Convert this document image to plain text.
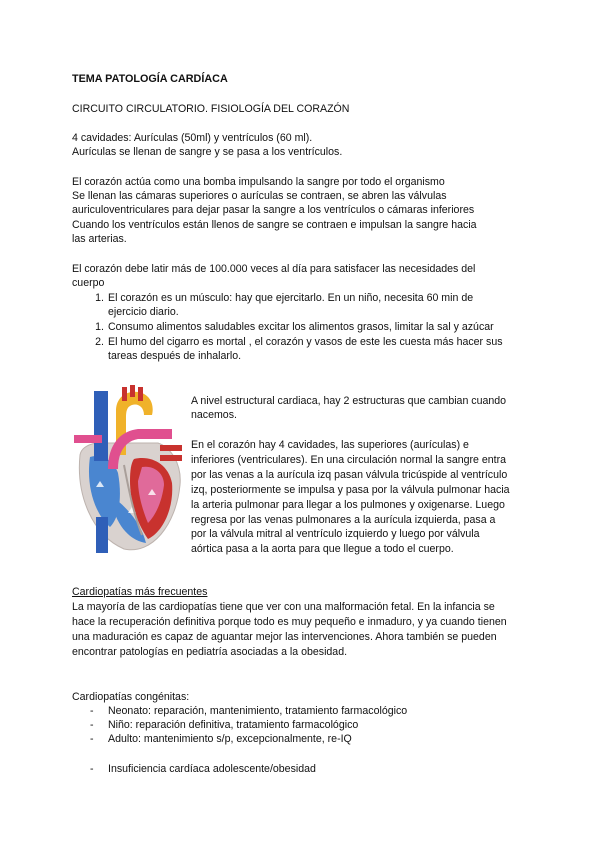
TEMA PATOLOGÍA CARDÍACA
CIRCUITO CIRCULATORIO. FISIOLOGÍA DEL CORAZÓN
4 cavidades: Aurículas (50ml) y ventrículos (60 ml).
Aurículas se llenan de sangre y se pasa a los ventrículos.
El corazón actúa como una bomba impulsando la sangre por todo el organismo
Se llenan las cámaras superiores o aurículas se contraen, se abren las válvulas
auriculoventriculares para dejar pasar la sangre a los ventrículos o cámaras inferiores
Cuando los ventrículos están llenos de sangre se contraen e impulsan la sangre hacia
las arterias.
El corazón debe latir más de 100.000 veces al día para satisfacer las necesidades del
cuerpo
1. El corazón es un músculo: hay que ejercitarlo. En un niño, necesita 60 min de
ejercicio diario.
1. Consumo alimentos saludables excitar los alimentos grasos, limitar la sal y azúcar
2. El humo del cigarro es mortal , el corazón y vasos de este les cuesta más hacer sus
tareas después de inhalarlo.
A nivel estructural cardiaca, hay 2 estructuras que cambian cuando
nacemos.
En el corazón hay 4 cavidades, las superiores (aurículas) e
inferiores (ventriculares). En una circulación normal la sangre entra
por las venas a la aurícula izq pasan válvula tricúspide al ventrículo
izq, posteriormente se impulsa y pasa por la válvula pulmonar hacia
la arteria pulmonar para llegar a los pulmones y oxigenarse. Luego
regresa por las venas pulmonares a la aurícula izquierda, pasa a
por la válvula mitral al ventrículo izquierdo y luego por válvula
aórtica pasa a la aorta para que llegue a todo el cuerpo.
Cardiopatías más frecuentes
La mayoría de las cardiopatías tiene que ver con una malformación fetal. En la infancia se
hace la recuperación definitiva porque todo es muy pequeño e inmaduro, y ya cuando tienen
una maduración es capaz de aguantar mejor las intervenciones. Ahora también se pueden
encontrar patologías en pediatría asociadas a la obesidad.
Cardiopatías congénitas:
- Neonato: reparación, mantenimiento, tratamiento farmacológico
- Niño: reparación definitiva, tratamiento farmacológico
- Adulto: mantenimiento s/p, excepcionalmente, re-IQ
- Insuficiencia cardíaca adolescente/obesidad
